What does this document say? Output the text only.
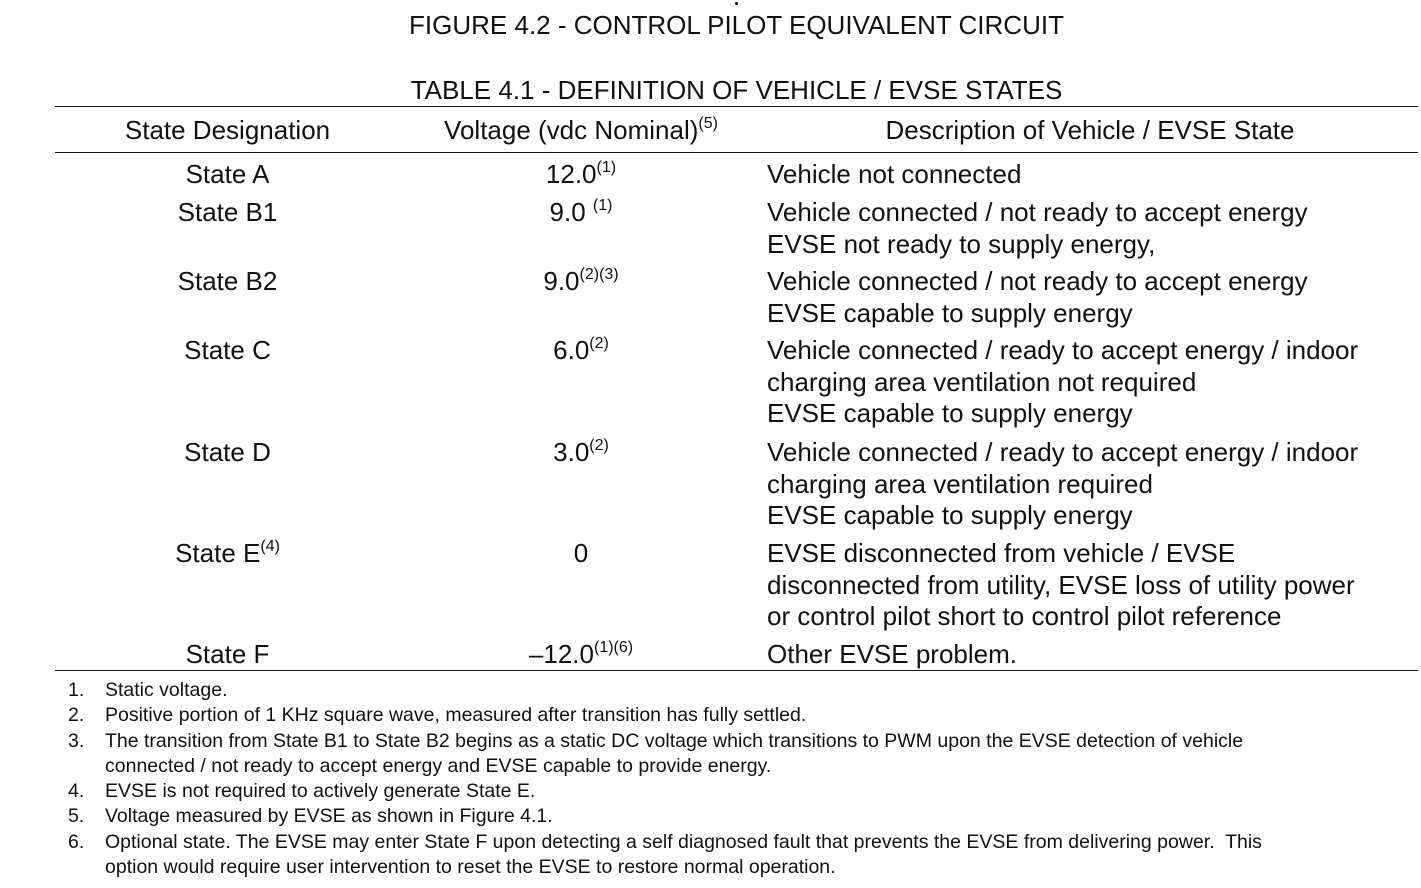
FIGURE 4.2 - CONTROL PILOT EQUIVALENT CIRCUIT
TABLE 4.1 - DEFINITION OF VEHICLE / EVSE STATES
State Designation	Voltage (vdc Nominal)$^{(5)}$	Description of Vehicle / EVSE State
State A	12.0$^{(1)}$	Vehicle not connected
State B1	9.0 $^{(1)}$	Vehicle connected / not ready to accept energy
EVSE not ready to supply energy,
State B2	$9.0^{(2)(3)}$	Vehicle connected / not ready to accept energy
EVSE capable to supply energy
State C	6.0$^{(2)}$	Vehicle connected / ready to accept energy / indoor
charging area ventilation not required
EVSE capable to supply energy
State D	3.0$^{(2)}$	Vehicle connected / ready to accept energy / indoor
charging area ventilation required
EVSE capable to supply energy
State $E^{(4)}$	0	EVSE disconnected from vehicle / EVSE
disconnected from utility, EVSE loss of utility power
or control pilot short to control pilot reference
State F	$-12.0^{(1)(6)}$	Other EVSE problem.
1.	Static voltage.
2.	Positive portion of 1 KHz square wave, measured after transition has fully settled.
3.	The transition from State B1 to State B2 begins as a static DC voltage which transitions to PWM upon the EVSE detection of vehicle
connected / not ready to accept energy and EVSE capable to provide energy.
4.	EVSE is not required to actively generate State E.
5.	Voltage measured by EVSE as shown in Figure 4.1.
6.	Optional state. The EVSE may enter State F upon detecting a self diagnosed fault that prevents the EVSE from delivering power.  This
option would require user intervention to reset the EVSE to restore normal operation.
